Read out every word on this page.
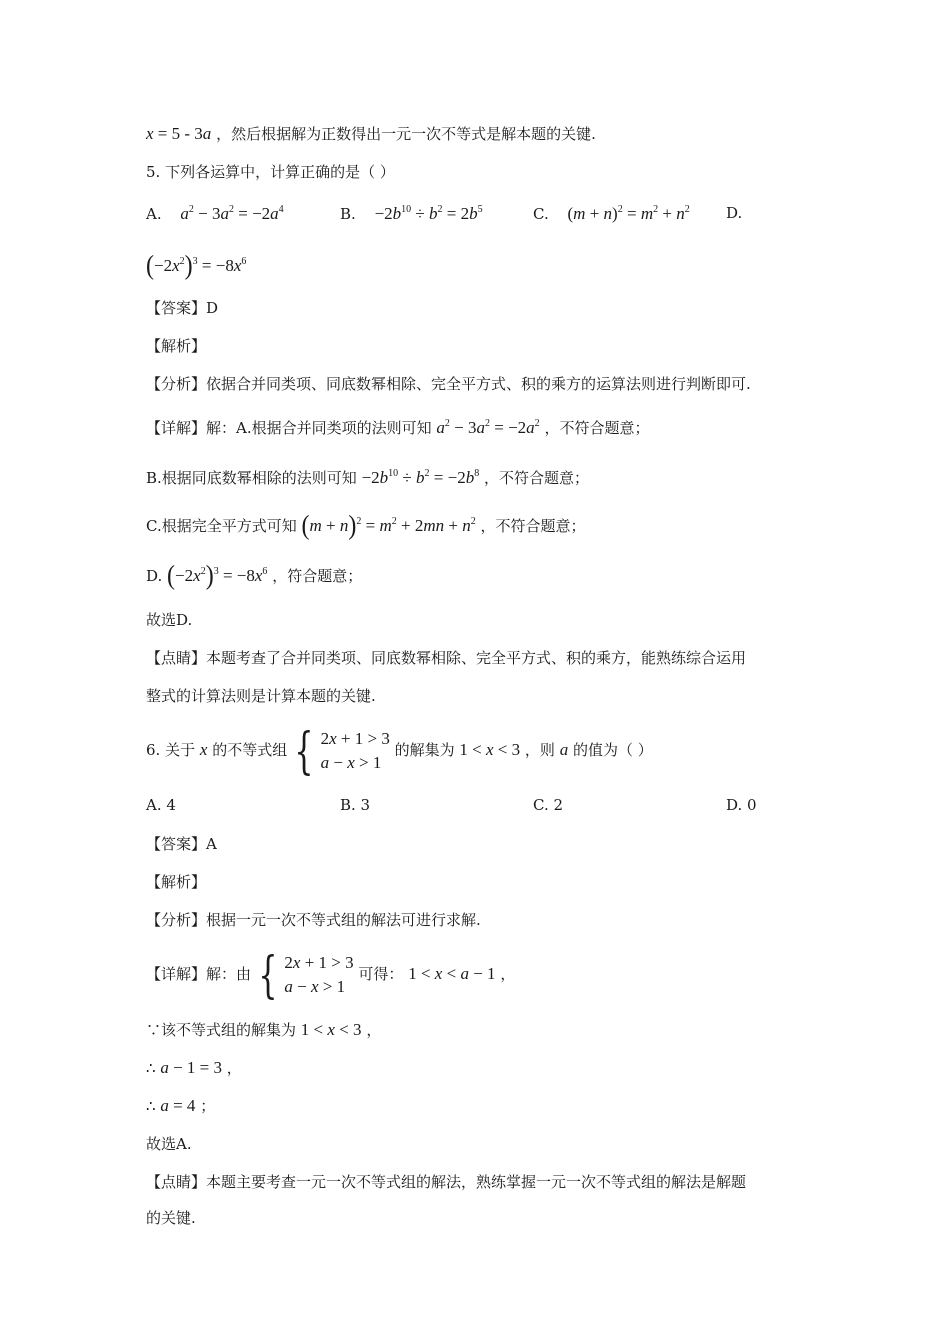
x = 5 - 3a ，然后根据解为正数得出一元一次不等式是解本题的关键.
5. 下列各运算中，计算正确的是（ ）
A. $a^2 - 3a^2 = -2a^4$	B. $-2b^{10} \div b^2 = 2b^5$	C. $(m + n)^2 = m^2 + n^2$ D.
$(-2x^2)^3 = -8x^6$
【答案】D
【解析】
【分析】依据合并同类项、同底数幂相除、完全平方式、积的乘方的运算法则进行判断即可.
【详解】解：A.根据合并同类项的法则可知 $a^2 - 3a^2 = -2a^2$ ，不符合题意；
B.根据同底数幂相除的法则可知 $-2b^{10} \div b^2 = -2b^8$ ，不符合题意；
C.根据完全平方式可知 $(m + n)^2 = m^2 + 2mn + n^2$ ，不符合题意；
D. $(-2x^2)^3 = -8x^6$ ，符合题意；
故选D.
【点睛】本题考查了合并同类项、同底数幂相除、完全平方式、积的乘方，能熟练综合运用
整式的计算法则是计算本题的关键.
6. 关于 x 的不等式组 { 2x + 1 > 3
a − x > 1
的解集为 1 < x < 3 ，则 a 的值为（ ）
A. 4	B. 3	C. 2	D. 0
【答案】A
【解析】
【分析】根据一元一次不等式组的解法可进行求解.
【详解】解：由 { 2x + 1 > 3
a − x > 1
可得： 1 < x < a − 1 ，
∵该不等式组的解集为 1 < x < 3 ，
∴ a − 1 = 3 ，
∴ a = 4 ；
故选A.
【点睛】本题主要考查一元一次不等式组的解法，熟练掌握一元一次不等式组的解法是解题
的关键.
